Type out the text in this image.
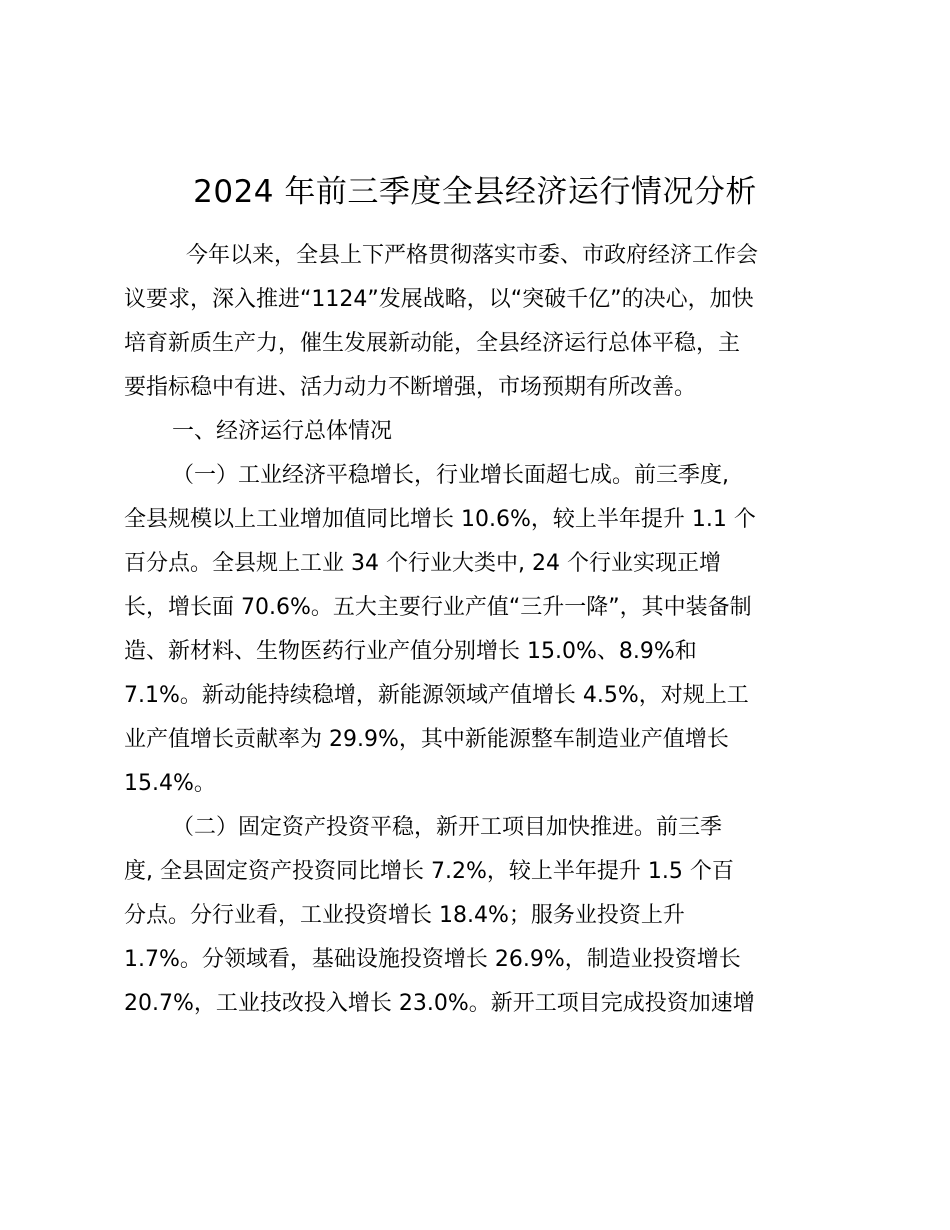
2024 年前三季度全县经济运行情况分析
今年以来，全县上下严格贯彻落实市委、市政府经济工作会
议要求，深入推进“1124”发展战略，以“突破千亿”的决心，加快
培育新质生产力，催生发展新动能，全县经济运行总体平稳，主
要指标稳中有进、活力动力不断增强，市场预期有所改善。
一、经济运行总体情况
（一）工业经济平稳增长，行业增长面超七成。前三季度,
全县规模以上工业增加值同比增长 10.6%，较上半年提升 1.1 个
百分点。全县规上工业 34 个行业大类中, 24 个行业实现正增
长，增长面 70.6%。五大主要行业产值“三升一降”，其中装备制
造、新材料、生物医药行业产值分别增长 15.0%、8.9%和
7.1%。新动能持续稳增，新能源领域产值增长 4.5%，对规上工
业产值增长贡献率为 29.9%，其中新能源整车制造业产值增长
15.4%。
（二）固定资产投资平稳，新开工项目加快推进。前三季
度, 全县固定资产投资同比增长 7.2%，较上半年提升 1.5 个百
分点。分行业看，工业投资增长 18.4%；服务业投资上升
1.7%。分领域看，基础设施投资增长 26.9%，制造业投资增长
20.7%，工业技改投入增长 23.0%。新开工项目完成投资加速增
